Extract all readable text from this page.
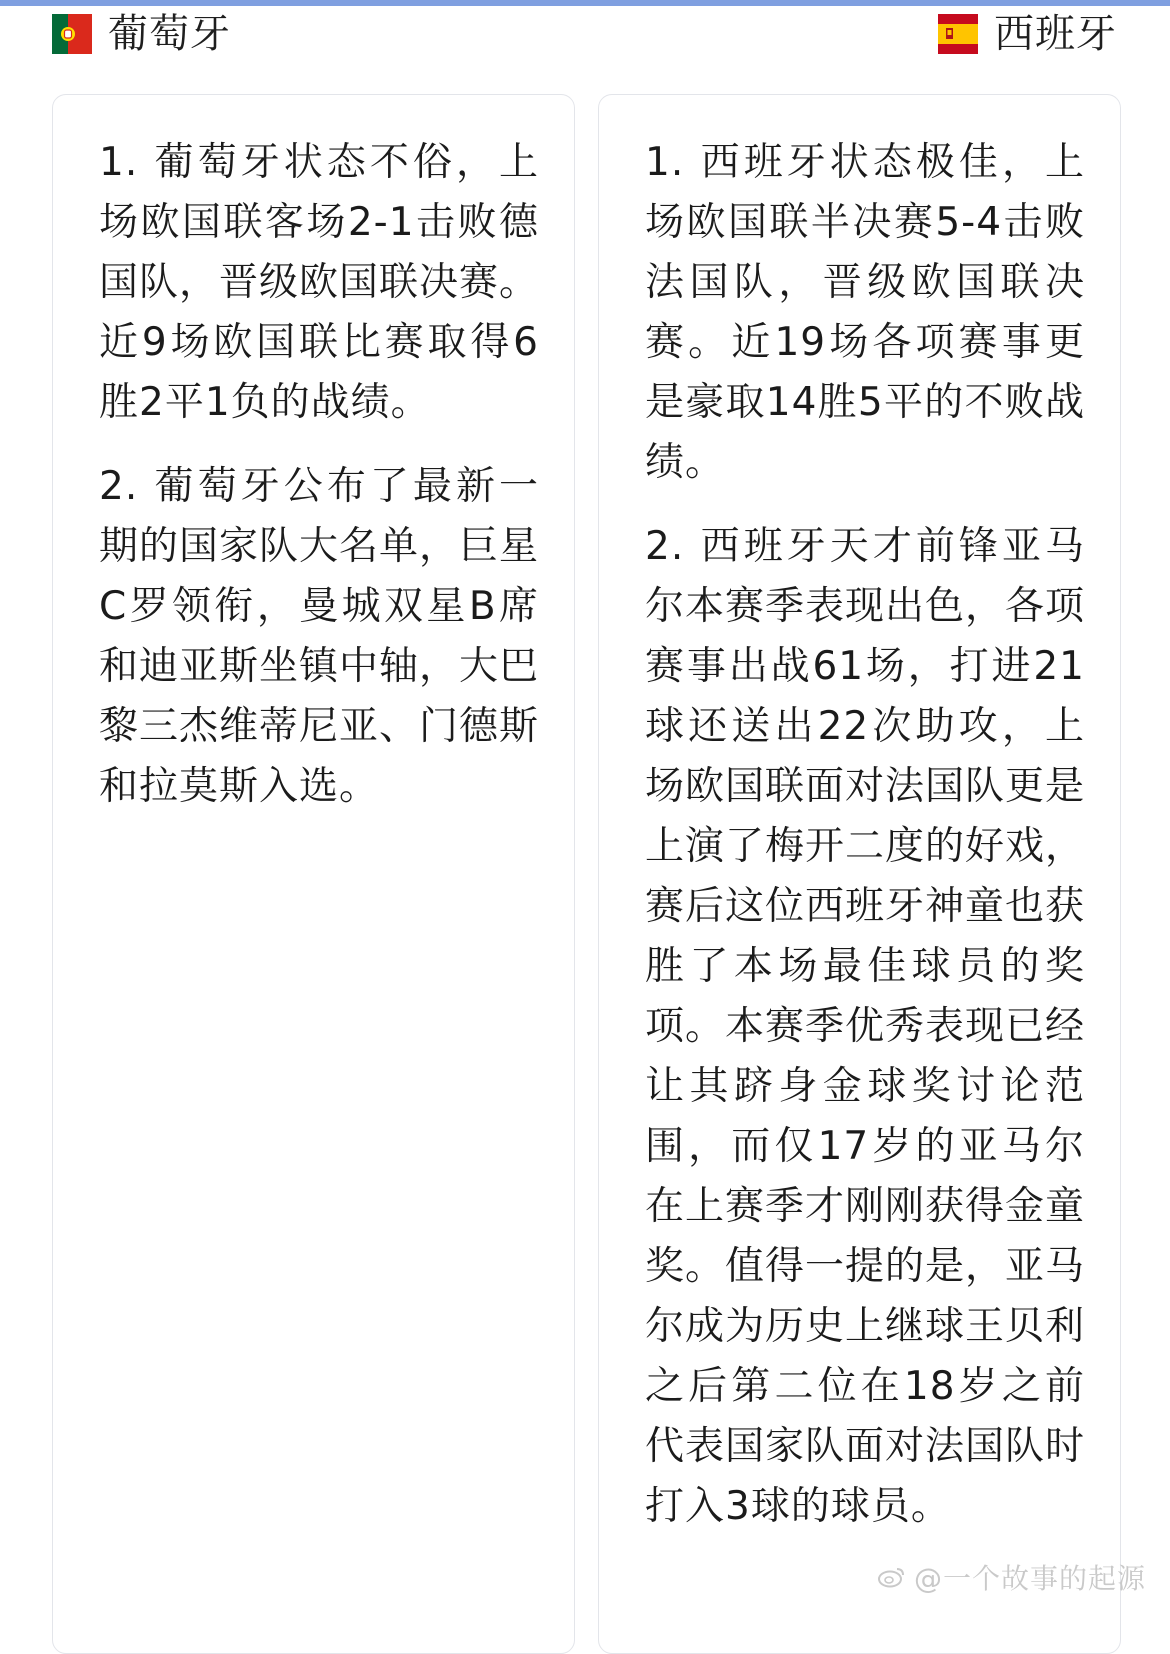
葡萄牙	西班牙

1. 葡萄牙状态不俗，上场欧国联客场2-1击败德国队，晋级欧国联决赛。近9场欧国联比赛取得6胜2平1负的战绩。

2. 葡萄牙公布了最新一期的国家队大名单，巨星C罗领衔，曼城双星B席和迪亚斯坐镇中轴，大巴黎三杰维蒂尼亚、门德斯和拉莫斯入选。

1. 西班牙状态极佳，上场欧国联半决赛5-4击败法国队，晋级欧国联决赛。近19场各项赛事更是豪取14胜5平的不败战绩。

2. 西班牙天才前锋亚马尔本赛季表现出色，各项赛事出战61场，打进21球还送出22次助攻，上场欧国联面对法国队更是上演了梅开二度的好戏，赛后这位西班牙神童也获胜了本场最佳球员的奖项。本赛季优秀表现已经让其跻身金球奖讨论范围，而仅17岁的亚马尔在上赛季才刚刚获得金童奖。值得一提的是，亚马尔成为历史上继球王贝利之后第二位在18岁之前代表国家队面对法国队时打入3球的球员。

@一个故事的起源
